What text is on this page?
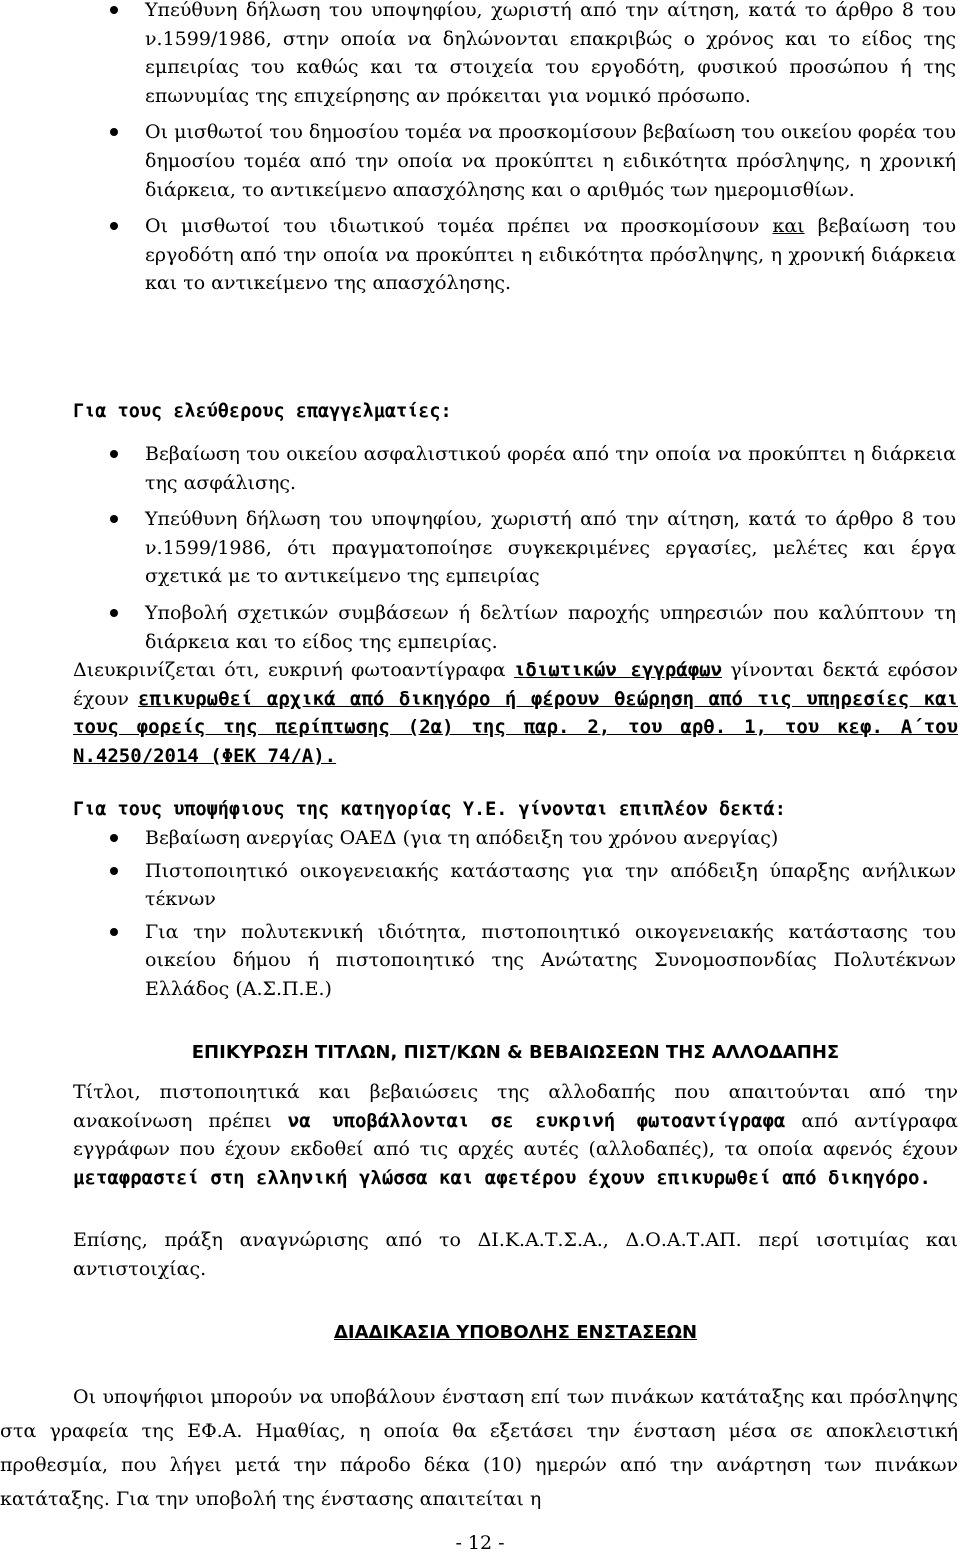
Υπεύθυνη δήλωση του υποψηφίου, χωριστή από την αίτηση, κατά το άρθρο 8 του ν.1599/1986, στην οποία να δηλώνονται επακριβώς ο χρόνος και το είδος της εμπειρίας του καθώς και τα στοιχεία του εργοδότη, φυσικού προσώπου ή της επωνυμίας της επιχείρησης αν πρόκειται για νομικό πρόσωπο.
Οι μισθωτοί του δημοσίου τομέα να προσκομίσουν βεβαίωση του οικείου φορέα του δημοσίου τομέα από την οποία να προκύπτει η ειδικότητα πρόσληψης, η χρονική διάρκεια, το αντικείμενο απασχόλησης και ο αριθμός των ημερομισθίων.
Οι μισθωτοί του ιδιωτικού τομέα πρέπει να προσκομίσουν και βεβαίωση του εργοδότη από την οποία να προκύπτει η ειδικότητα πρόσληψης, η χρονική διάρκεια και το αντικείμενο της απασχόλησης.
Για τους ελεύθερους επαγγελματίες:
Βεβαίωση του οικείου ασφαλιστικού φορέα από την οποία να προκύπτει η διάρκεια της ασφάλισης.
Υπεύθυνη δήλωση του υποψηφίου, χωριστή από την αίτηση, κατά το άρθρο 8 του ν.1599/1986, ότι πραγματοποίησε συγκεκριμένες εργασίες, μελέτες και έργα σχετικά με το αντικείμενο της εμπειρίας
Υποβολή σχετικών συμβάσεων ή δελτίων παροχής υπηρεσιών που καλύπτουν τη διάρκεια και το είδος της εμπειρίας.
Διευκρινίζεται ότι, ευκρινή φωτοαντίγραφα ιδιωτικών εγγράφων γίνονται δεκτά εφόσον έχουν επικυρωθεί αρχικά από δικηγόρο ή φέρουν θεώρηση από τις υπηρεσίες και τους φορείς της περίπτωσης (2α) της παρ. 2, του αρθ. 1, του κεφ. Α΄του Ν.4250/2014 (ΦΕΚ 74/Α).
Για τους υποψήφιους της κατηγορίας Υ.Ε. γίνονται επιπλέον δεκτά:
Βεβαίωση ανεργίας ΟΑΕΔ (για τη απόδειξη του χρόνου ανεργίας)
Πιστοποιητικό οικογενειακής κατάστασης για την απόδειξη ύπαρξης ανήλικων τέκνων
Για την πολυτεκνική ιδιότητα, πιστοποιητικό οικογενειακής κατάστασης του οικείου δήμου ή πιστοποιητικό της Ανώτατης Συνομοσπονδίας Πολυτέκνων Ελλάδος (Α.Σ.Π.Ε.)
ΕΠΙΚΥΡΩΣΗ ΤΙΤΛΩΝ, ΠΙΣΤ/ΚΩΝ & ΒΕΒΑΙΩΣΕΩΝ ΤΗΣ ΑΛΛΟΔΑΠΗΣ
Τίτλοι, πιστοποιητικά και βεβαιώσεις της αλλοδαπής που απαιτούνται από την ανακοίνωση πρέπει να υποβάλλονται σε ευκρινή φωτοαντίγραφα από αντίγραφα εγγράφων που έχουν εκδοθεί από τις αρχές αυτές (αλλοδαπές), τα οποία αφενός έχουν μεταφραστεί στη ελληνική γλώσσα και αφετέρου έχουν επικυρωθεί από δικηγόρο.
Επίσης, πράξη αναγνώρισης από το ΔΙ.Κ.Α.Τ.Σ.Α., Δ.Ο.Α.Τ.ΑΠ. περί ισοτιμίας και αντιστοιχίας.
ΔΙΑΔΙΚΑΣΙΑ ΥΠΟΒΟΛΗΣ ΕΝΣΤΑΣΕΩΝ
Οι υποψήφιοι μπορούν να υποβάλουν ένσταση επί των πινάκων κατάταξης και πρόσληψης στα γραφεία της ΕΦ.Α. Ημαθίας, η οποία θα εξετάσει την ένσταση μέσα σε αποκλειστική προθεσμία, που λήγει μετά την πάροδο δέκα (10) ημερών από την ανάρτηση των πινάκων κατάταξης. Για την υποβολή της ένστασης απαιτείται η
- 12 -
